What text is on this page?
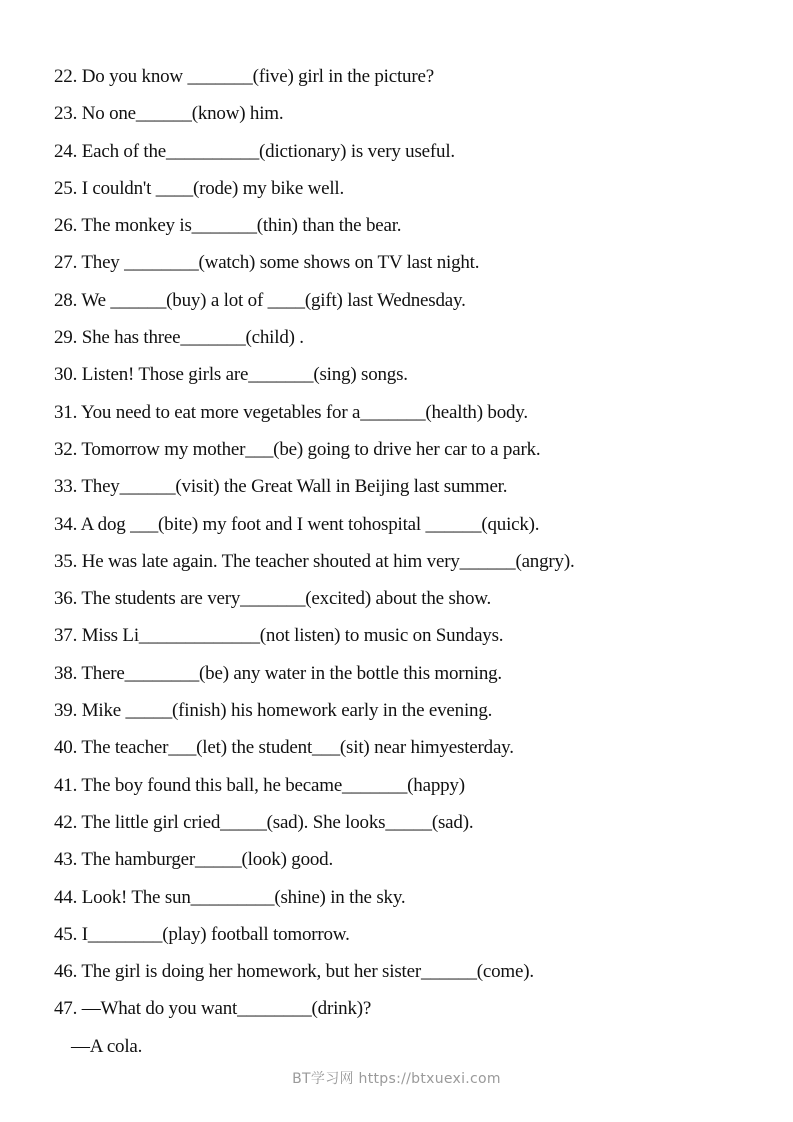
22. Do you know _______(five) girl in the picture?
23. No one______(know) him.
24. Each of the__________(dictionary) is very useful.
25. I couldn't ____(rode) my bike well.
26. The monkey is_______(thin) than the bear.
27. They ________(watch) some shows on TV last night.
28. We ______(buy) a lot of ____(gift) last Wednesday.
29. She has three_______(child) .
30. Listen! Those girls are_______(sing) songs.
31. You need to eat more vegetables for a_______(health) body.
32. Tomorrow my mother___(be) going to drive her car to a park.
33. They______(visit) the Great Wall in Beijing last summer.
34. A dog ___(bite) my foot and I went tohospital ______(quick).
35. He was late again. The teacher shouted at him very______(angry).
36. The students are very_______(excited) about the show.
37. Miss Li_____________(not listen) to music on Sundays.
38. There________(be) any water in the bottle this morning.
39. Mike _____(finish) his homework early in the evening.
40. The teacher___(let) the student___(sit) near himyesterday.
41. The boy found this ball, he became_______(happy)
42. The little girl cried_____(sad). She looks_____(sad).
43. The hamburger_____(look) good.
44. Look! The sun_________(shine) in the sky.
45. I________(play) football tomorrow.
46. The girl is doing her homework, but her sister______(come).
47. —What do you want________(drink)?
—A cola.
BT学习网 https://btxuexi.com
